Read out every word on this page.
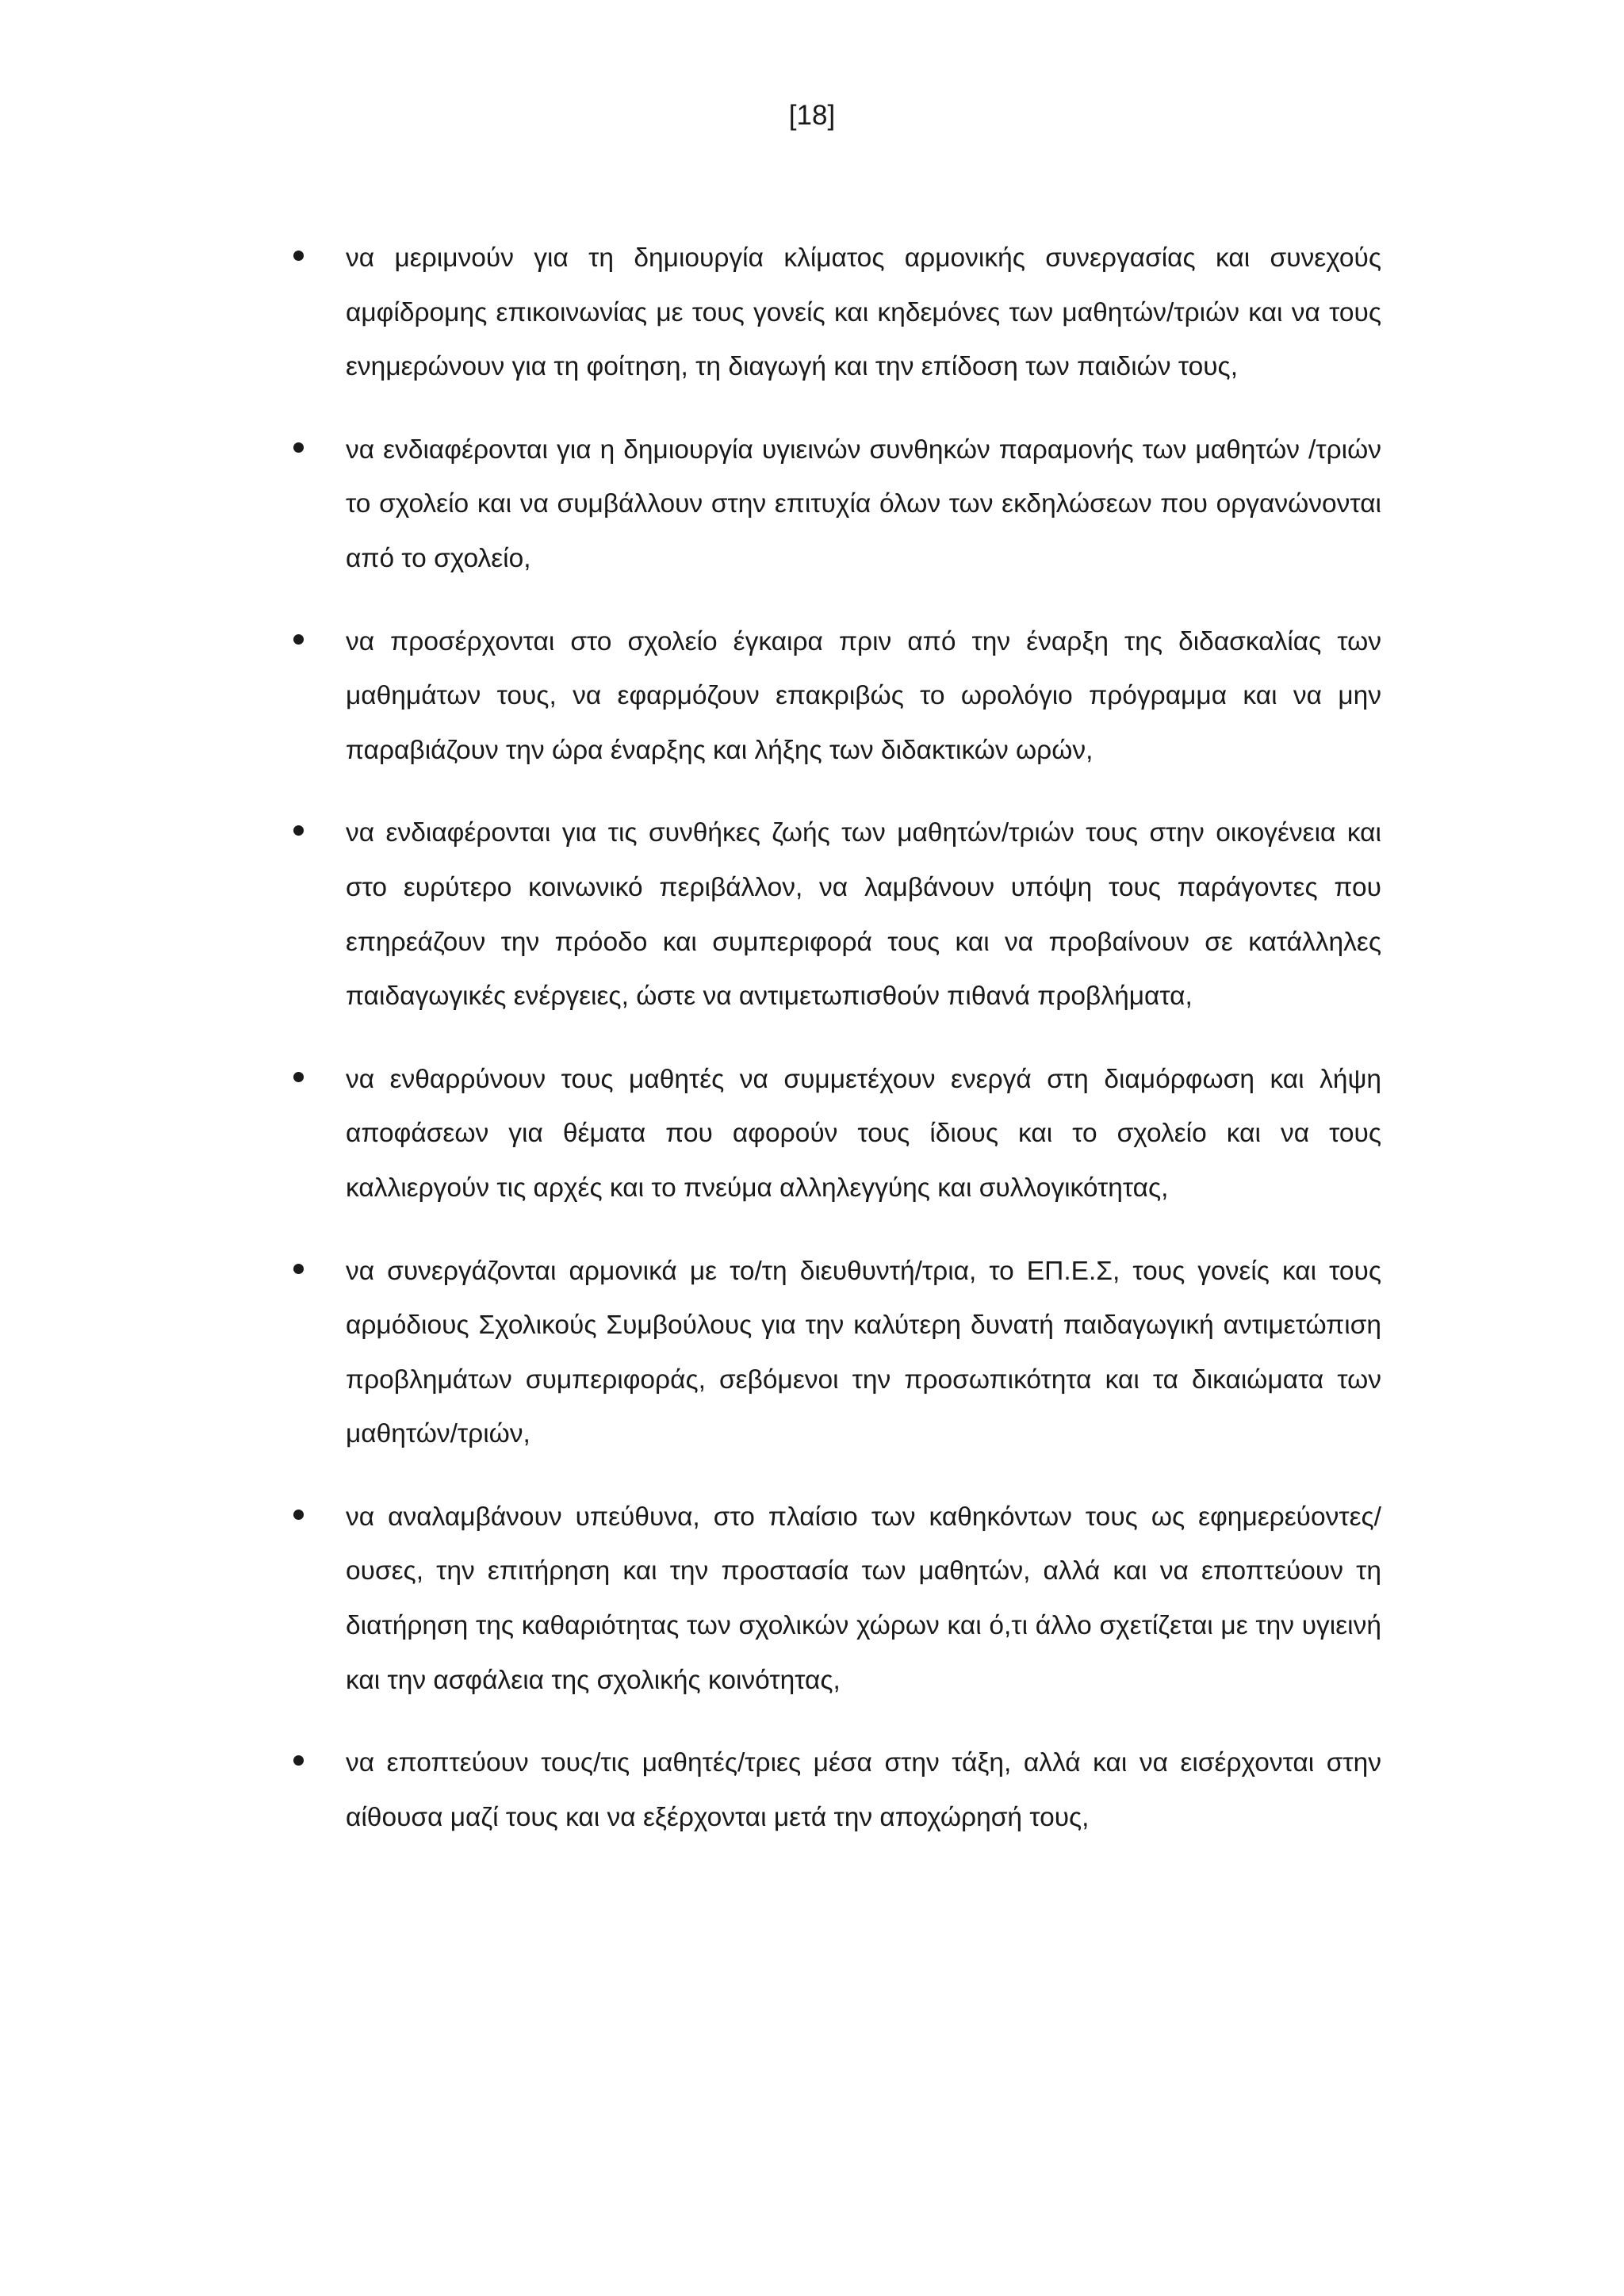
[18]
να μεριμνούν για τη δημιουργία κλίματος αρμονικής συνεργασίας και συνεχούς αμφίδρομης επικοινωνίας με τους γονείς και κηδεμόνες των μαθητών/τριών και να τους ενημερώνουν για τη φοίτηση, τη διαγωγή και την επίδοση των παιδιών τους,
να ενδιαφέρονται για η δημιουργία υγιεινών συνθηκών παραμονής των μαθητών /τριών το σχολείο και να συμβάλλουν στην επιτυχία όλων των εκδηλώσεων που οργανώνονται από το σχολείο,
να προσέρχονται στο σχολείο έγκαιρα πριν από την έναρξη της διδασκαλίας των μαθημάτων τους, να εφαρμόζουν επακριβώς το ωρολόγιο πρόγραμμα και να μην παραβιάζουν την ώρα έναρξης και λήξης των διδακτικών ωρών,
να ενδιαφέρονται για τις συνθήκες ζωής των μαθητών/τριών τους στην οικογένεια και στο ευρύτερο κοινωνικό περιβάλλον, να λαμβάνουν υπόψη τους παράγοντες που επηρεάζουν την πρόοδο και συμπεριφορά τους και να προβαίνουν σε κατάλληλες παιδαγωγικές ενέργειες, ώστε να αντιμετωπισθούν πιθανά προβλήματα,
να ενθαρρύνουν τους μαθητές να συμμετέχουν ενεργά στη διαμόρφωση και λήψη αποφάσεων για θέματα που αφορούν τους ίδιους και το σχολείο και να τους καλλιεργούν τις αρχές και το πνεύμα αλληλεγγύης και συλλογικότητας,
να συνεργάζονται αρμονικά με το/τη διευθυντή/τρια, το ΕΠ.Ε.Σ, τους γονείς και τους αρμόδιους Σχολικούς Συμβούλους για την καλύτερη δυνατή παιδαγωγική αντιμετώπιση προβλημάτων συμπεριφοράς, σεβόμενοι την προσωπικότητα και τα δικαιώματα των μαθητών/τριών,
να αναλαμβάνουν υπεύθυνα, στο πλαίσιο των καθηκόντων τους ως εφημερεύοντες/ουσες, την επιτήρηση και την προστασία των μαθητών, αλλά και να εποπτεύουν τη διατήρηση της καθαριότητας των σχολικών χώρων και ό,τι άλλο σχετίζεται με την υγιεινή και την ασφάλεια της σχολικής κοινότητας,
να εποπτεύουν τους/τις μαθητές/τριες μέσα στην τάξη, αλλά και να εισέρχονται στην αίθουσα μαζί τους και να εξέρχονται μετά την αποχώρησή τους,
